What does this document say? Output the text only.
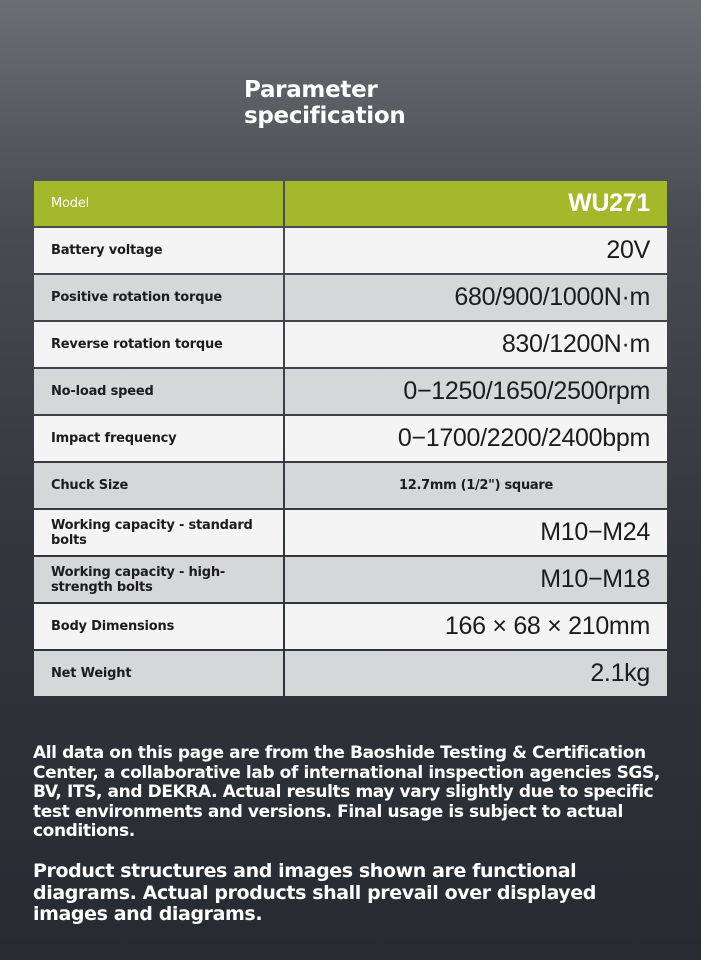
Parameter
specification
Model	WU271
Battery voltage	20V
Positive rotation torque	680/900/1000N·m
Reverse rotation torque	830/1200N·m
No-load speed	0−1250/1650/2500rpm
Impact frequency	0−1700/2200/2400bpm
Chuck Size	12.7mm (1/2") square
Working capacity - standard bolts	M10−M24
Working capacity - high-strength bolts	M10−M18
Body Dimensions	166 × 68 × 210mm
Net Weight	2.1kg
All data on this page are from the Baoshide Testing & Certification Center, a collaborative lab of international inspection agencies SGS, BV, ITS, and DEKRA. Actual results may vary slightly due to specific test environments and versions. Final usage is subject to actual conditions.
Product structures and images shown are functional diagrams. Actual products shall prevail over displayed images and diagrams.
